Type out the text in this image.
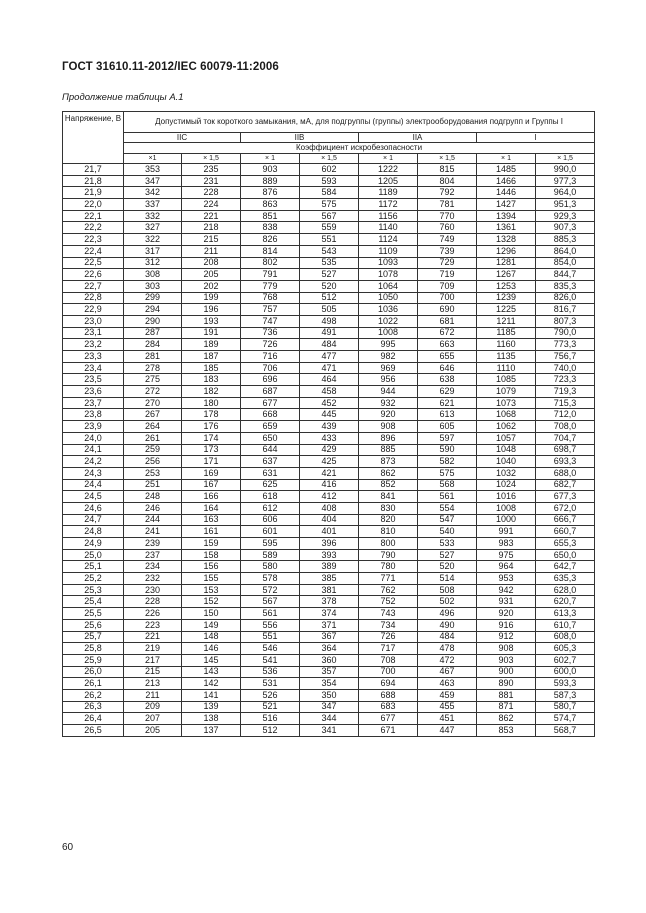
ГОСТ 31610.11-2012/IEC 60079-11:2006
Продолжение таблицы А.1
Напряжение, В	Допустимый ток короткого замыкания, мА, для подгруппы (группы) электрооборудования подгрупп и Группы I							
	IIC		IIB		IIA		I	
	Коэффициент искробезопасности							
	×1	× 1,5	× 1	× 1,5	× 1	× 1,5	× 1	× 1,5
21,7	353	235	903	602	1222	815	1485	990,0
21,8	347	231	889	593	1205	804	1466	977,3
21,9	342	228	876	584	1189	792	1446	964,0
22,0	337	224	863	575	1172	781	1427	951,3
22,1	332	221	851	567	1156	770	1394	929,3
22,2	327	218	838	559	1140	760	1361	907,3
22,3	322	215	826	551	1124	749	1328	885,3
22,4	317	211	814	543	1109	739	1296	864,0
22,5	312	208	802	535	1093	729	1281	854,0
22,6	308	205	791	527	1078	719	1267	844,7
22,7	303	202	779	520	1064	709	1253	835,3
22,8	299	199	768	512	1050	700	1239	826,0
22,9	294	196	757	505	1036	690	1225	816,7
23,0	290	193	747	498	1022	681	1211	807,3
23,1	287	191	736	491	1008	672	1185	790,0
23,2	284	189	726	484	995	663	1160	773,3
23,3	281	187	716	477	982	655	1135	756,7
23,4	278	185	706	471	969	646	1110	740,0
23,5	275	183	696	464	956	638	1085	723,3
23,6	272	182	687	458	944	629	1079	719,3
23,7	270	180	677	452	932	621	1073	715,3
23,8	267	178	668	445	920	613	1068	712,0
23,9	264	176	659	439	908	605	1062	708,0
24,0	261	174	650	433	896	597	1057	704,7
24,1	259	173	644	429	885	590	1048	698,7
24,2	256	171	637	425	873	582	1040	693,3
24,3	253	169	631	421	862	575	1032	688,0
24,4	251	167	625	416	852	568	1024	682,7
24,5	248	166	618	412	841	561	1016	677,3
24,6	246	164	612	408	830	554	1008	672,0
24,7	244	163	606	404	820	547	1000	666,7
24,8	241	161	601	401	810	540	991	660,7
24,9	239	159	595	396	800	533	983	655,3
25,0	237	158	589	393	790	527	975	650,0
25,1	234	156	580	389	780	520	964	642,7
25,2	232	155	578	385	771	514	953	635,3
25,3	230	153	572	381	762	508	942	628,0
25,4	228	152	567	378	752	502	931	620,7
25,5	226	150	561	374	743	496	920	613,3
25,6	223	149	556	371	734	490	916	610,7
25,7	221	148	551	367	726	484	912	608,0
25,8	219	146	546	364	717	478	908	605,3
25,9	217	145	541	360	708	472	903	602,7
26,0	215	143	536	357	700	467	900	600,0
26,1	213	142	531	354	694	463	890	593,3
26,2	211	141	526	350	688	459	881	587,3
26,3	209	139	521	347	683	455	871	580,7
26,4	207	138	516	344	677	451	862	574,7
26,5	205	137	512	341	671	447	853	568,7
60
